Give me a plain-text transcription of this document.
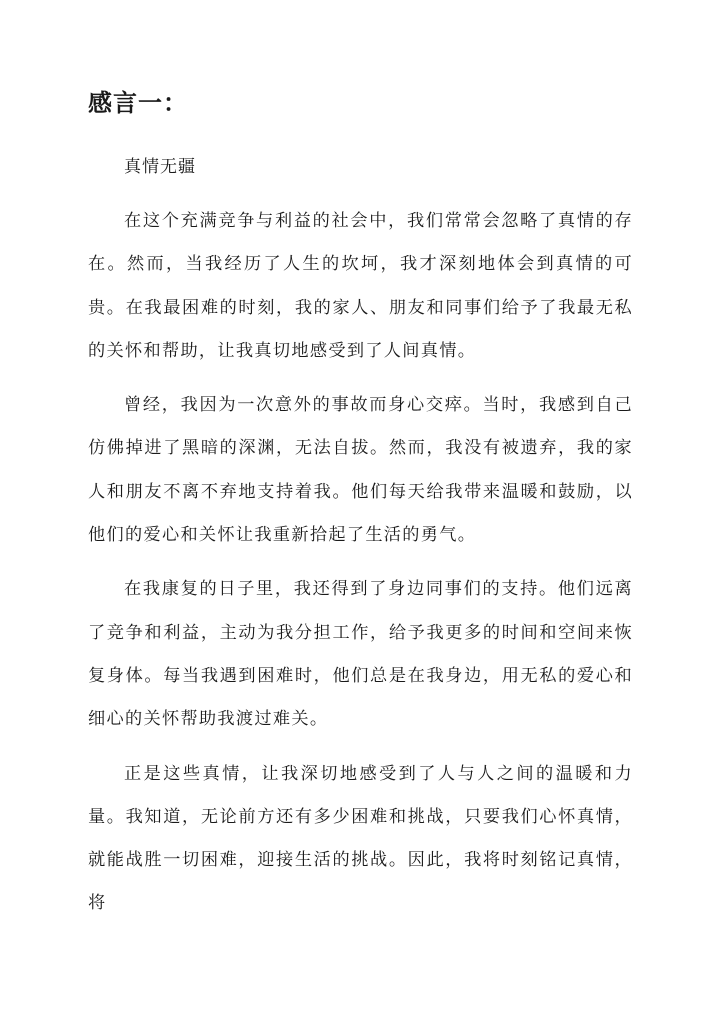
感言一：

真情无疆

在这个充满竞争与利益的社会中，我们常常会忽略了真情的存在。然而，当我经历了人生的坎坷，我才深刻地体会到真情的可贵。在我最困难的时刻，我的家人、朋友和同事们给予了我最无私的关怀和帮助，让我真切地感受到了人间真情。

曾经，我因为一次意外的事故而身心交瘁。当时，我感到自己仿佛掉进了黑暗的深渊，无法自拔。然而，我没有被遗弃，我的家人和朋友不离不弃地支持着我。他们每天给我带来温暖和鼓励，以他们的爱心和关怀让我重新拾起了生活的勇气。

在我康复的日子里，我还得到了身边同事们的支持。他们远离了竞争和利益，主动为我分担工作，给予我更多的时间和空间来恢复身体。每当我遇到困难时，他们总是在我身边，用无私的爱心和细心的关怀帮助我渡过难关。

正是这些真情，让我深切地感受到了人与人之间的温暖和力量。我知道，无论前方还有多少困难和挑战，只要我们心怀真情，就能战胜一切困难，迎接生活的挑战。因此，我将时刻铭记真情，将
